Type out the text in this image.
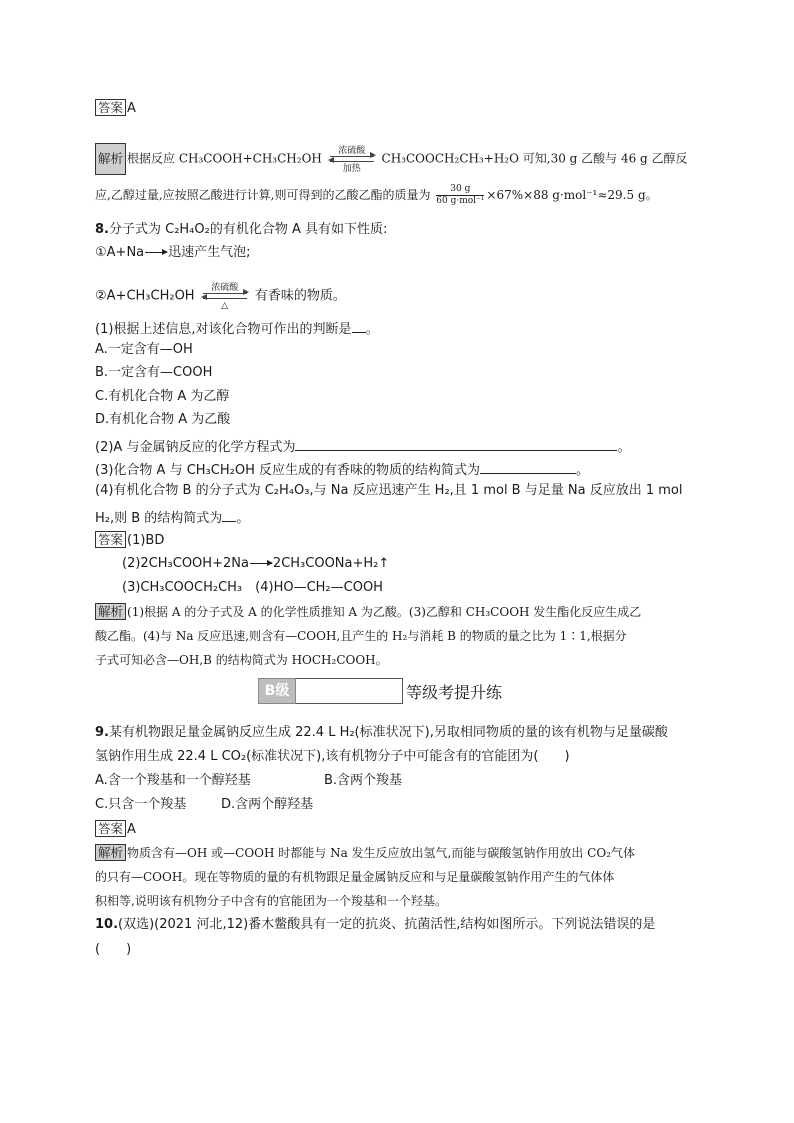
答案 A
解析 根据反应 CH₃COOH+CH₃CH₂OH
浓硫酸
加热
CH₃COOCH₂CH₃+H₂O 可知,30 g 乙酸与 46 g 乙醇反
应,乙醇过量,应按照乙酸进行计算,则可得到的乙酸乙酯的质量为 $\frac{30 g}{\text{60 g·mol⁻¹}} \times 67\%\times 88$ g·mol⁻¹≈29.5 g。
8.分子式为 C₂H₄O₂的有机化合物 A 具有如下性质:
①A+Na→迅速产生气泡;
②A+CH₃CH₂OH
浓硫酸
△
有香味的物质。
(1)根据上述信息,对该化合物可作出的判断是 。
A.一定含有—OH
B.一定含有—COOH
C.有机化合物 A 为乙醇
D.有机化合物 A 为乙酸
(2)A 与金属钠反应的化学方程式为	。
(3)化合物 A 与 CH₃CH₂OH 反应生成的有香味的物质的结构简式为	。
(4)有机化合物 B 的分子式为 C₂H₄O₃,与 Na 反应迅速产生 H₂,且 1 mol B 与足量 Na 反应放出 1 mol
H₂,则 B 的结构简式为 。
答案 (1)BD
(2)2CH₃COOH+2Na→2CH₃COONa+H₂↑
(3)CH₃COOCH₂CH₃　(4)HO—CH₂—COOH
解析 (1)根据 A 的分子式及 A 的化学性质推知 A 为乙酸。(3)乙醇和 CH₃COOH 发生酯化反应生成乙
酸乙酯。(4)与 Na 反应迅速,则含有—COOH,且产生的 H₂与消耗 B 的物质的量之比为 1∶1,根据分
子式可知必含—OH,B 的结构简式为 HOCH₂COOH。
B级	等级考提升练
9.某有机物跟足量金属钠反应生成 22.4 L H₂(标准状况下),另取相同物质的量的该有机物与足量碳酸
氢钠作用生成 22.4 L CO₂(标准状况下),该有机物分子中可能含有的官能团为(　　)
A.含一个羧基和一个醇羟基	B.含两个羧基
C.只含一个羧基	D.含两个醇羟基
答案 A
解析 物质含有—OH 或—COOH 时都能与 Na 发生反应放出氢气,而能与碳酸氢钠作用放出 CO₂气体
的只有—COOH。现在等物质的量的有机物跟足量金属钠反应和与足量碳酸氢钠作用产生的气体体
积相等,说明该有机物分子中含有的官能团为一个羧基和一个羟基。
10.(双选)(2021 河北,12)番木鳖酸具有一定的抗炎、抗菌活性,结构如图所示。下列说法错误的是
(　　)
